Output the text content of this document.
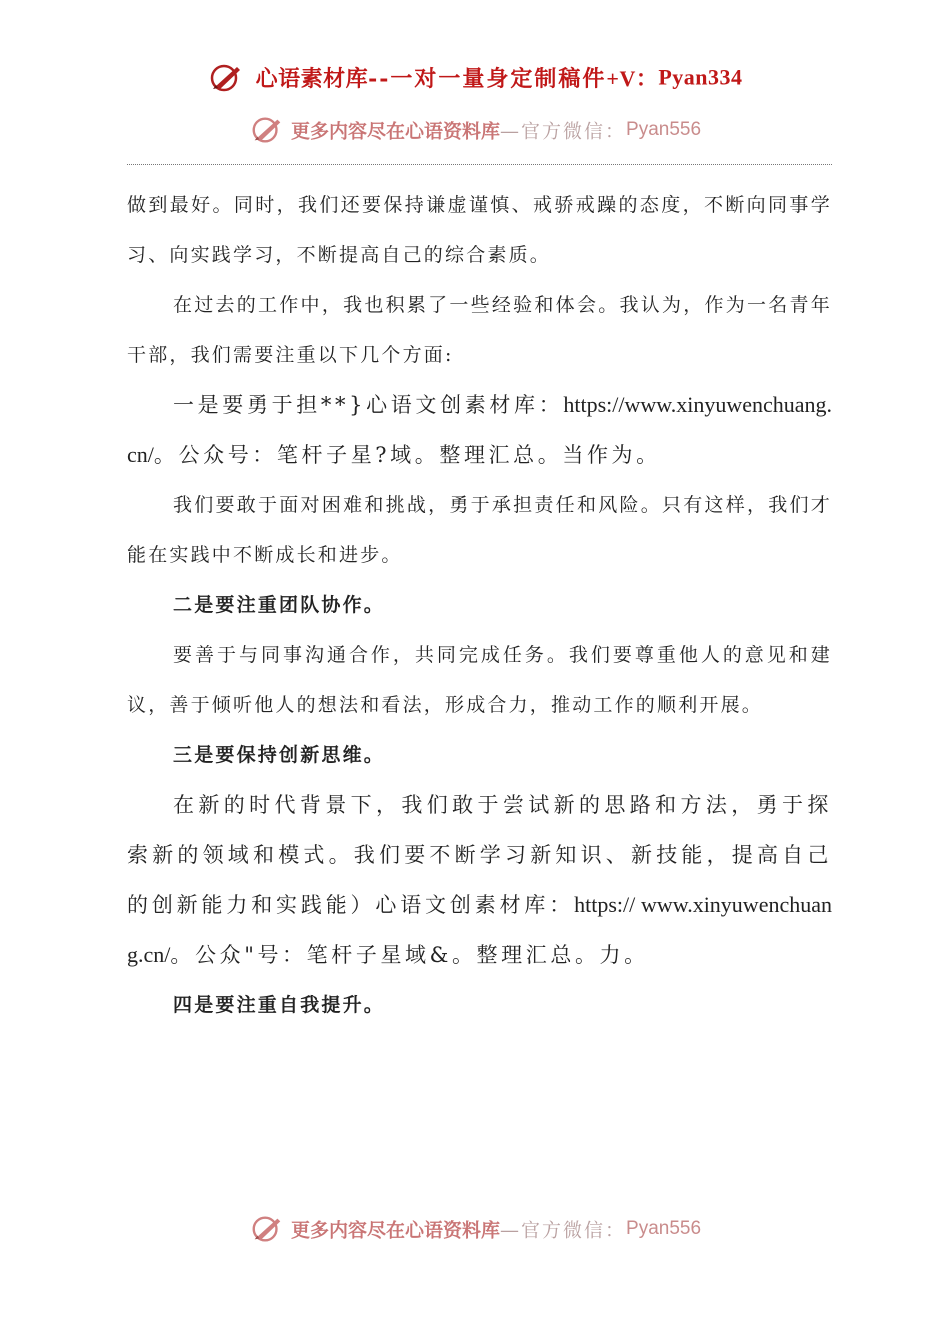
心语素材库--一对一量身定制稿件+V：Pyan334
更多内容尽在心语资料库—官方微信：Pyan556

做到最好。同时，我们还要保持谦虚谨慎、戒骄戒躁的态度，不断向同事学习、向实践学习，不断提高自己的综合素质。

在过去的工作中，我也积累了一些经验和体会。我认为，作为一名青年干部，我们需要注重以下几个方面:

一是要勇于担**}心语文创素材库：https://www.xinyuwenchuang.cn/。公众号：笔杆子星?域。整理汇总。当作为。

我们要敢于面对困难和挑战，勇于承担责任和风险。只有这样，我们才能在实践中不断成长和进步。

二是要注重团队协作。

要善于与同事沟通合作，共同完成任务。我们要尊重他人的意见和建议，善于倾听他人的想法和看法，形成合力，推动工作的顺利开展。

三是要保持创新思维。

在新的时代背景下，我们敢于尝试新的思路和方法，勇于探索新的领域和模式。我们要不断学习新知识、新技能，提高自己的创新能力和实践能）心语文创素材库：https:// www.xinyuwenchuang.cn/。公众"号：笔杆子星域&。整理汇总。力。

四是要注重自我提升。

更多内容尽在心语资料库—官方微信：Pyan556
